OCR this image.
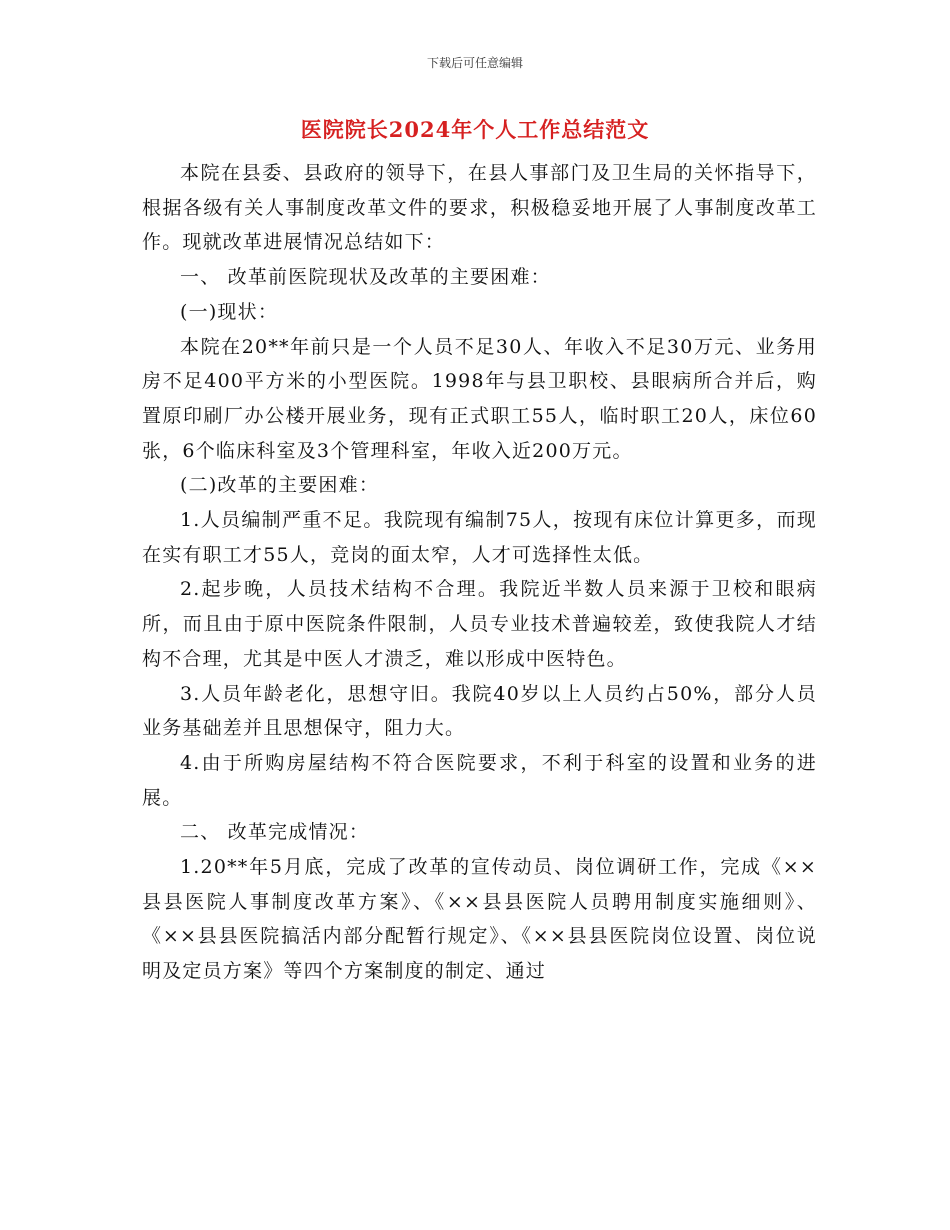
下载后可任意编辑
医院院长2024年个人工作总结范文

本院在县委、县政府的领导下，在县人事部门及卫生局的关怀指导下，根据各级有关人事制度改革文件的要求，积极稳妥地开展了人事制度改革工作。现就改革进展情况总结如下：

一、 改革前医院现状及改革的主要困难：

(一)现状：

本院在20**年前只是一个人员不足30人、年收入不足30万元、业务用房不足400平方米的小型医院。1998年与县卫职校、县眼病所合并后，购置原印刷厂办公楼开展业务，现有正式职工55人，临时职工20人，床位60张，6个临床科室及3个管理科室，年收入近200万元。

(二)改革的主要困难：

1.人员编制严重不足。我院现有编制75人，按现有床位计算更多，而现在实有职工才55人，竞岗的面太窄，人才可选择性太低。

2.起步晚，人员技术结构不合理。我院近半数人员来源于卫校和眼病所，而且由于原中医院条件限制，人员专业技术普遍较差，致使我院人才结构不合理，尤其是中医人才溃乏，难以形成中医特色。

3.人员年龄老化，思想守旧。我院40岁以上人员约占50%，部分人员业务基础差并且思想保守，阻力大。

4.由于所购房屋结构不符合医院要求，不利于科室的设置和业务的进展。

二、 改革完成情况：

1.20**年5月底，完成了改革的宣传动员、岗位调研工作，完成《××县县医院人事制度改革方案》、《××县县医院人员聘用制度实施细则》、《××县县医院搞活内部分配暂行规定》、《××县县医院岗位设置、岗位说明及定员方案》等四个方案制度的制定、通过
